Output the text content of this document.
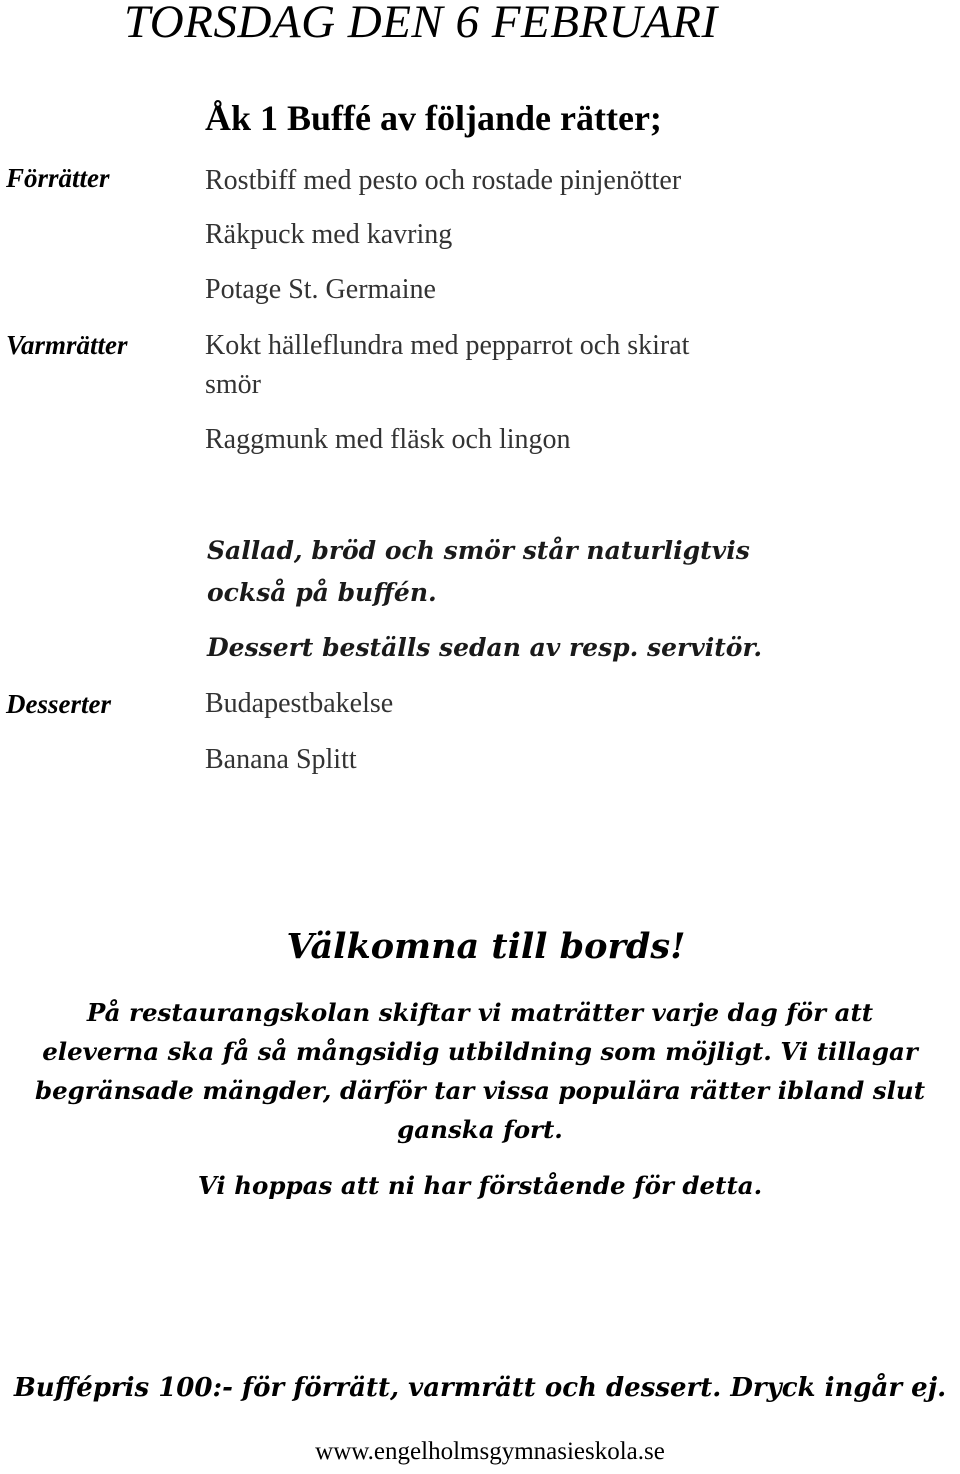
TORSDAG DEN 6 FEBRUARI
Åk 1 Buffé av följande rätter;
Förrätter	Rostbiff med pesto och rostade pinjenötter
Räkpuck med kavring
Potage St. Germaine
Varmrätter	Kokt hälleflundra med pepparrot och skirat
smör
Raggmunk med fläsk och lingon
Sallad, bröd och smör står naturligtvis
också på buffén.
Dessert beställs sedan av resp. servitör.
Desserter	Budapestbakelse
Banana Splitt
Välkomna till bords!

På restaurangskolan skiftar vi maträtter varje dag för att

eleverna ska få så mångsidig utbildning som möjligt. Vi tillagar

begränsade mängder, därför tar vissa populära rätter ibland slut

ganska fort.

Vi hoppas att ni har förstående för detta.

Buffépris 100:- för förrätt, varmrätt och dessert. Dryck ingår ej.
www.engelholmsgymnasieskola.se
